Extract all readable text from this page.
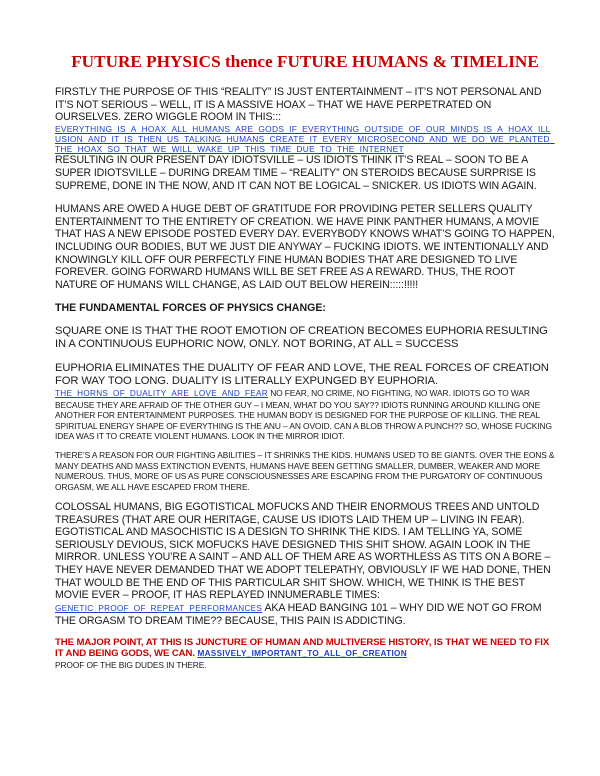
FUTURE PHYSICS thence FUTURE HUMANS & TIMELINE

FIRSTLY THE PURPOSE OF THIS “REALITY” IS JUST ENTERTAINMENT – IT’S NOT PERSONAL AND IT’S NOT SERIOUS – WELL, IT IS A MASSIVE HOAX – THAT WE HAVE PERPETRATED ON OURSELVES. ZERO WIGGLE ROOM IN THIS:::

EVERYTHING_IS_A_HOAX_ALL_HUMANS_ARE_GODS_IF_EVERYTHING_OUTSIDE_OF_OUR_MINDS_IS_A_HOAX_ILLUSION_AND_IT_IS_THEN_US_TALKING_HUMANS_CREATE_IT_EVERY_MICROSECOND_AND_WE_DO_WE_PLANTED_THE_HOAX_SO_THAT_WE_WILL_WAKE_UP_THIS_TIME_DUE_TO_THE_INTERNET

RESULTING IN OUR PRESENT DAY IDIOTSVILLE – US IDIOTS THINK IT’S REAL – SOON TO BE A SUPER IDIOTSVILLE – DURING DREAM TIME – “REALITY” ON STEROIDS BECAUSE SURPRISE IS SUPREME, DONE IN THE NOW, AND IT CAN NOT BE LOGICAL – SNICKER. US IDIOTS WIN AGAIN.

HUMANS ARE OWED A HUGE DEBT OF GRATITUDE FOR PROVIDING PETER SELLERS QUALITY ENTERTAINMENT TO THE ENTIRETY OF CREATION. WE HAVE PINK PANTHER HUMANS, A MOVIE THAT HAS A NEW EPISODE POSTED EVERY DAY. EVERYBODY KNOWS WHAT’S GOING TO HAPPEN, INCLUDING OUR BODIES, BUT WE JUST DIE ANYWAY – FUCKING IDIOTS. WE INTENTIONALLY AND KNOWINGLY KILL OFF OUR PERFECTLY FINE HUMAN BODIES THAT ARE DESIGNED TO LIVE FOREVER. GOING FORWARD HUMANS WILL BE SET FREE AS A REWARD. THUS, THE ROOT NATURE OF HUMANS WILL CHANGE, AS LAID OUT BELOW HEREIN:::::!!!!!

THE FUNDAMENTAL FORCES OF PHYSICS CHANGE:

SQUARE ONE IS THAT THE ROOT EMOTION OF CREATION BECOMES EUPHORIA RESULTING IN A CONTINUOUS EUPHORIC NOW, ONLY. NOT BORING, AT ALL = SUCCESS

EUPHORIA ELIMINATES THE DUALITY OF FEAR AND LOVE, THE REAL FORCES OF CREATION FOR WAY TOO LONG. DUALITY IS LITERALLY EXPUNGED BY EUPHORIA.

THE_HORNS_OF_DUALITY_ARE_LOVE_AND_FEAR NO FEAR, NO CRIME, NO FIGHTING, NO WAR. IDIOTS GO TO WAR BECAUSE THEY ARE AFRAID OF THE OTHER GUY – I MEAN, WHAT DO YOU SAY?? IDIOTS RUNNING AROUND KILLING ONE ANOTHER FOR ENTERTAINMENT PURPOSES. THE HUMAN BODY IS DESIGNED FOR THE PURPOSE OF KILLING. THE REAL SPIRITUAL ENERGY SHAPE OF EVERYTHING IS THE ANU – AN OVOID. CAN A BLOB THROW A PUNCH?? SO, WHOSE FUCKING IDEA WAS IT TO CREATE VIOLENT HUMANS. LOOK IN THE MIRROR IDIOT.

THERE’S A REASON FOR OUR FIGHTING ABILITIES – IT SHRINKS THE KIDS. HUMANS USED TO BE GIANTS. OVER THE EONS & MANY DEATHS AND MASS EXTINCTION EVENTS, HUMANS HAVE BEEN GETTING SMALLER, DUMBER, WEAKER AND MORE NUMEROUS. THUS, MORE OF US AS PURE CONSCIOUSNESSES ARE ESCAPING FROM THE PURGATORY OF CONTINUOUS ORGASM, WE ALL HAVE ESCAPED FROM THERE.

COLOSSAL HUMANS, BIG EGOTISTICAL MOFUCKS AND THEIR ENORMOUS TREES AND UNTOLD TREASURES (THAT ARE OUR HERITAGE, CAUSE US IDIOTS LAID THEM UP – LIVING IN FEAR). EGOTISTICAL AND MASOCHISTIC IS A DESIGN TO SHRINK THE KIDS. I AM TELLING YA, SOME SERIOUSLY DEVIOUS, SICK MOFUCKS HAVE DESIGNED THIS SHIT SHOW. AGAIN LOOK IN THE MIRROR. UNLESS YOU’RE A SAINT – AND ALL OF THEM ARE AS WORTHLESS AS TITS ON A BORE – THEY HAVE NEVER DEMANDED THAT WE ADOPT TELEPATHY, OBVIOUSLY IF WE HAD DONE, THEN THAT WOULD BE THE END OF THIS PARTICULAR SHIT SHOW. WHICH, WE THINK IS THE BEST MOVIE EVER – PROOF, IT HAS REPLAYED INNUMERABLE TIMES:

GENETIC_PROOF_OF_REPEAT_PERFORMANCES AKA HEAD BANGING 101 – WHY DID WE NOT GO FROM THE ORGASM TO DREAM TIME?? BECAUSE, THIS PAIN IS ADDICTING.

THE MAJOR POINT, AT THIS IS JUNCTURE OF HUMAN AND MULTIVERSE HISTORY, IS THAT WE NEED TO FIX IT AND BEING GODS, WE CAN. MASSIVELY_IMPORTANT_TO_ALL_OF_CREATION

PROOF OF THE BIG DUDES IN THERE.
